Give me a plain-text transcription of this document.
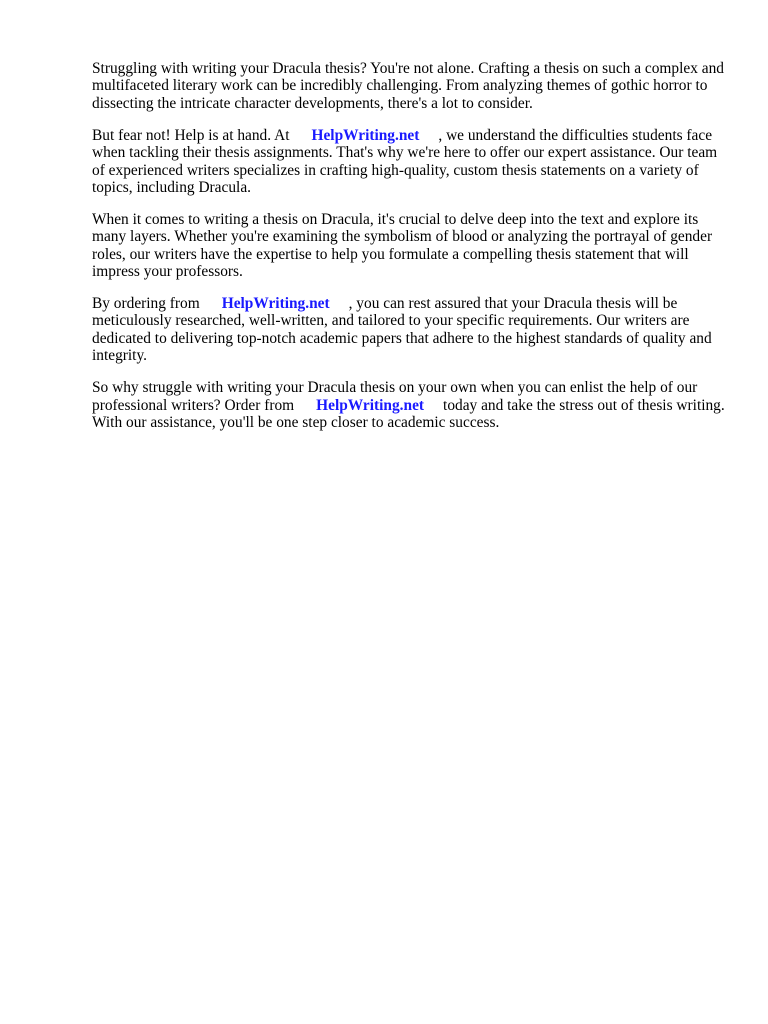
Struggling with writing your Dracula thesis? You're not alone. Crafting a thesis on such a complex and multifaceted literary work can be incredibly challenging. From analyzing themes of gothic horror to dissecting the intricate character developments, there's a lot to consider.

But fear not! Help is at hand. At HelpWriting.net , we understand the difficulties students face when tackling their thesis assignments. That's why we're here to offer our expert assistance. Our team of experienced writers specializes in crafting high-quality, custom thesis statements on a variety of topics, including Dracula.

When it comes to writing a thesis on Dracula, it's crucial to delve deep into the text and explore its many layers. Whether you're examining the symbolism of blood or analyzing the portrayal of gender roles, our writers have the expertise to help you formulate a compelling thesis statement that will impress your professors.

By ordering from HelpWriting.net , you can rest assured that your Dracula thesis will be meticulously researched, well-written, and tailored to your specific requirements. Our writers are dedicated to delivering top-notch academic papers that adhere to the highest standards of quality and integrity.

So why struggle with writing your Dracula thesis on your own when you can enlist the help of our professional writers? Order from HelpWriting.net today and take the stress out of thesis writing. With our assistance, you'll be one step closer to academic success.
